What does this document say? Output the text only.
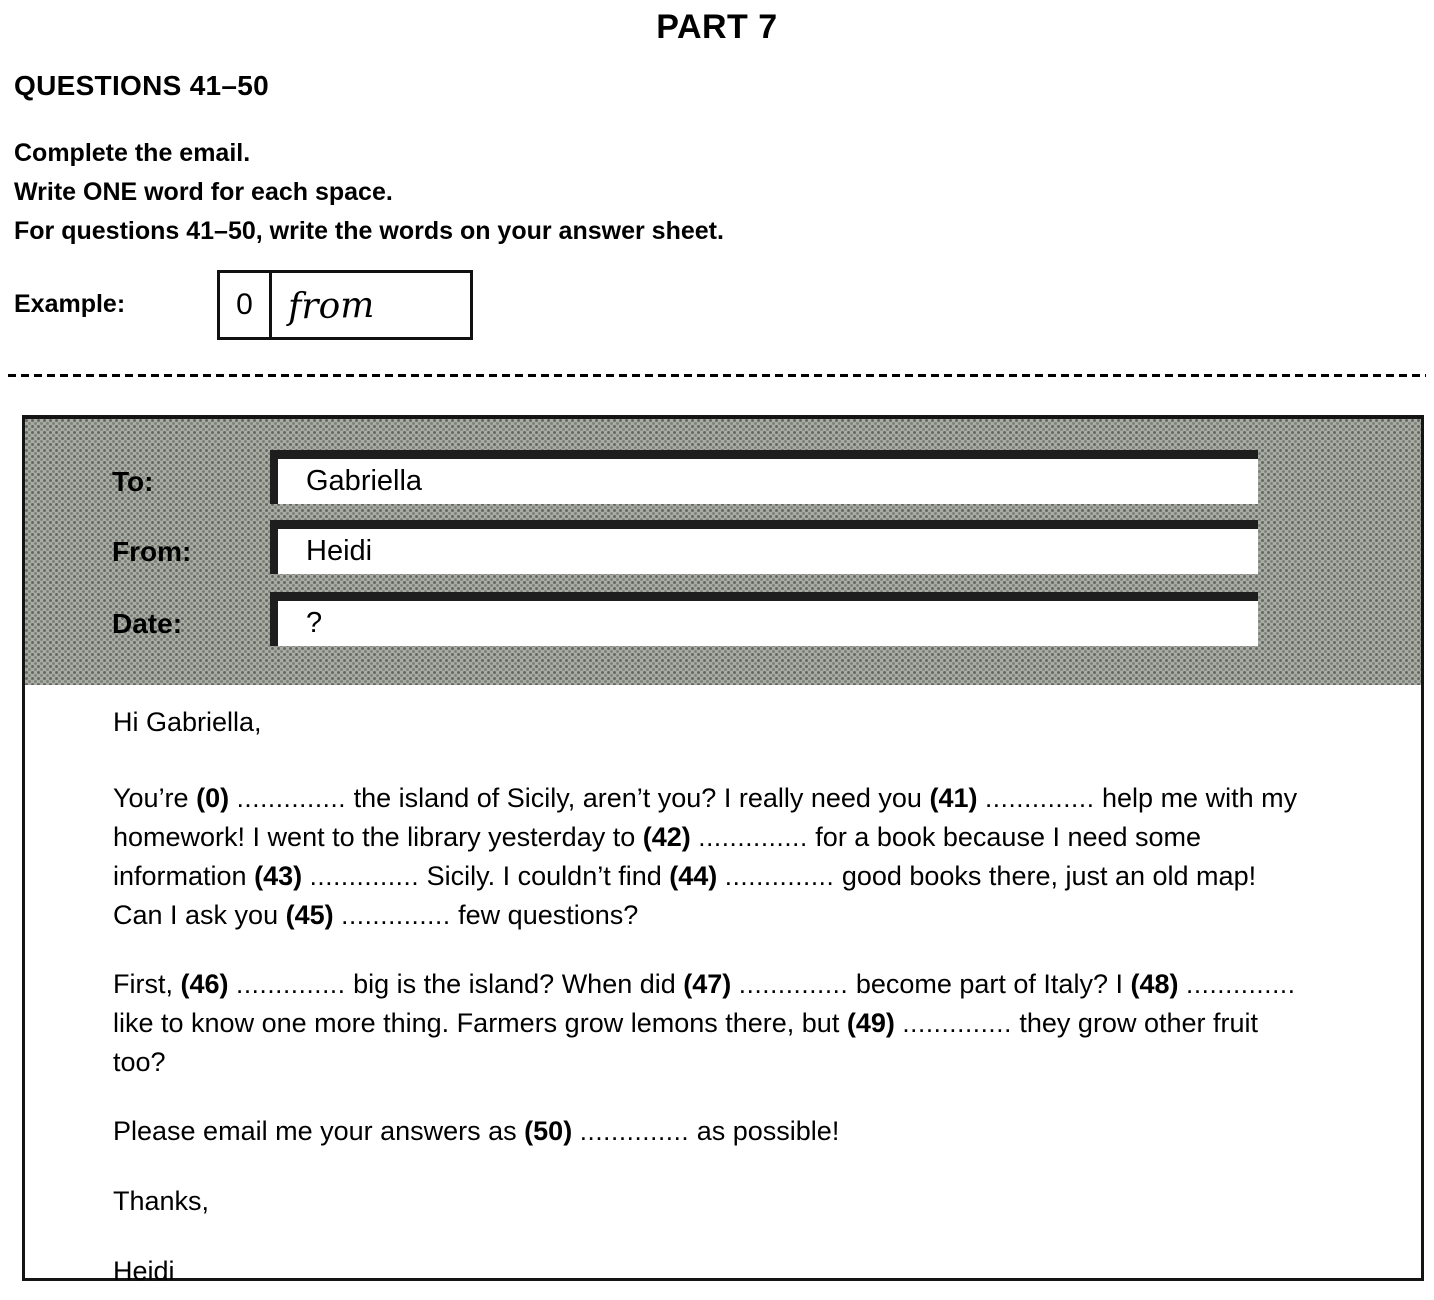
PART 7
QUESTIONS 41–50
Complete the email.
Write ONE word for each space.
For questions 41–50, write the words on your answer sheet.
Example:	0 from
To:	Gabriella
From:	Heidi
Date:	?

Hi Gabriella,

You’re (0) .............. the island of Sicily, aren’t you? I really need you (41) .............. help me with my homework! I went to the library yesterday to (42) .............. for a book because I need some information (43) .............. Sicily. I couldn’t find (44) .............. good books there, just an old map! Can I ask you (45) .............. few questions?

First, (46) .............. big is the island? When did (47) .............. become part of Italy? I (48) .............. like to know one more thing. Farmers grow lemons there, but (49) .............. they grow other fruit too?

Please email me your answers as (50) .............. as possible!

Thanks,

Heidi
